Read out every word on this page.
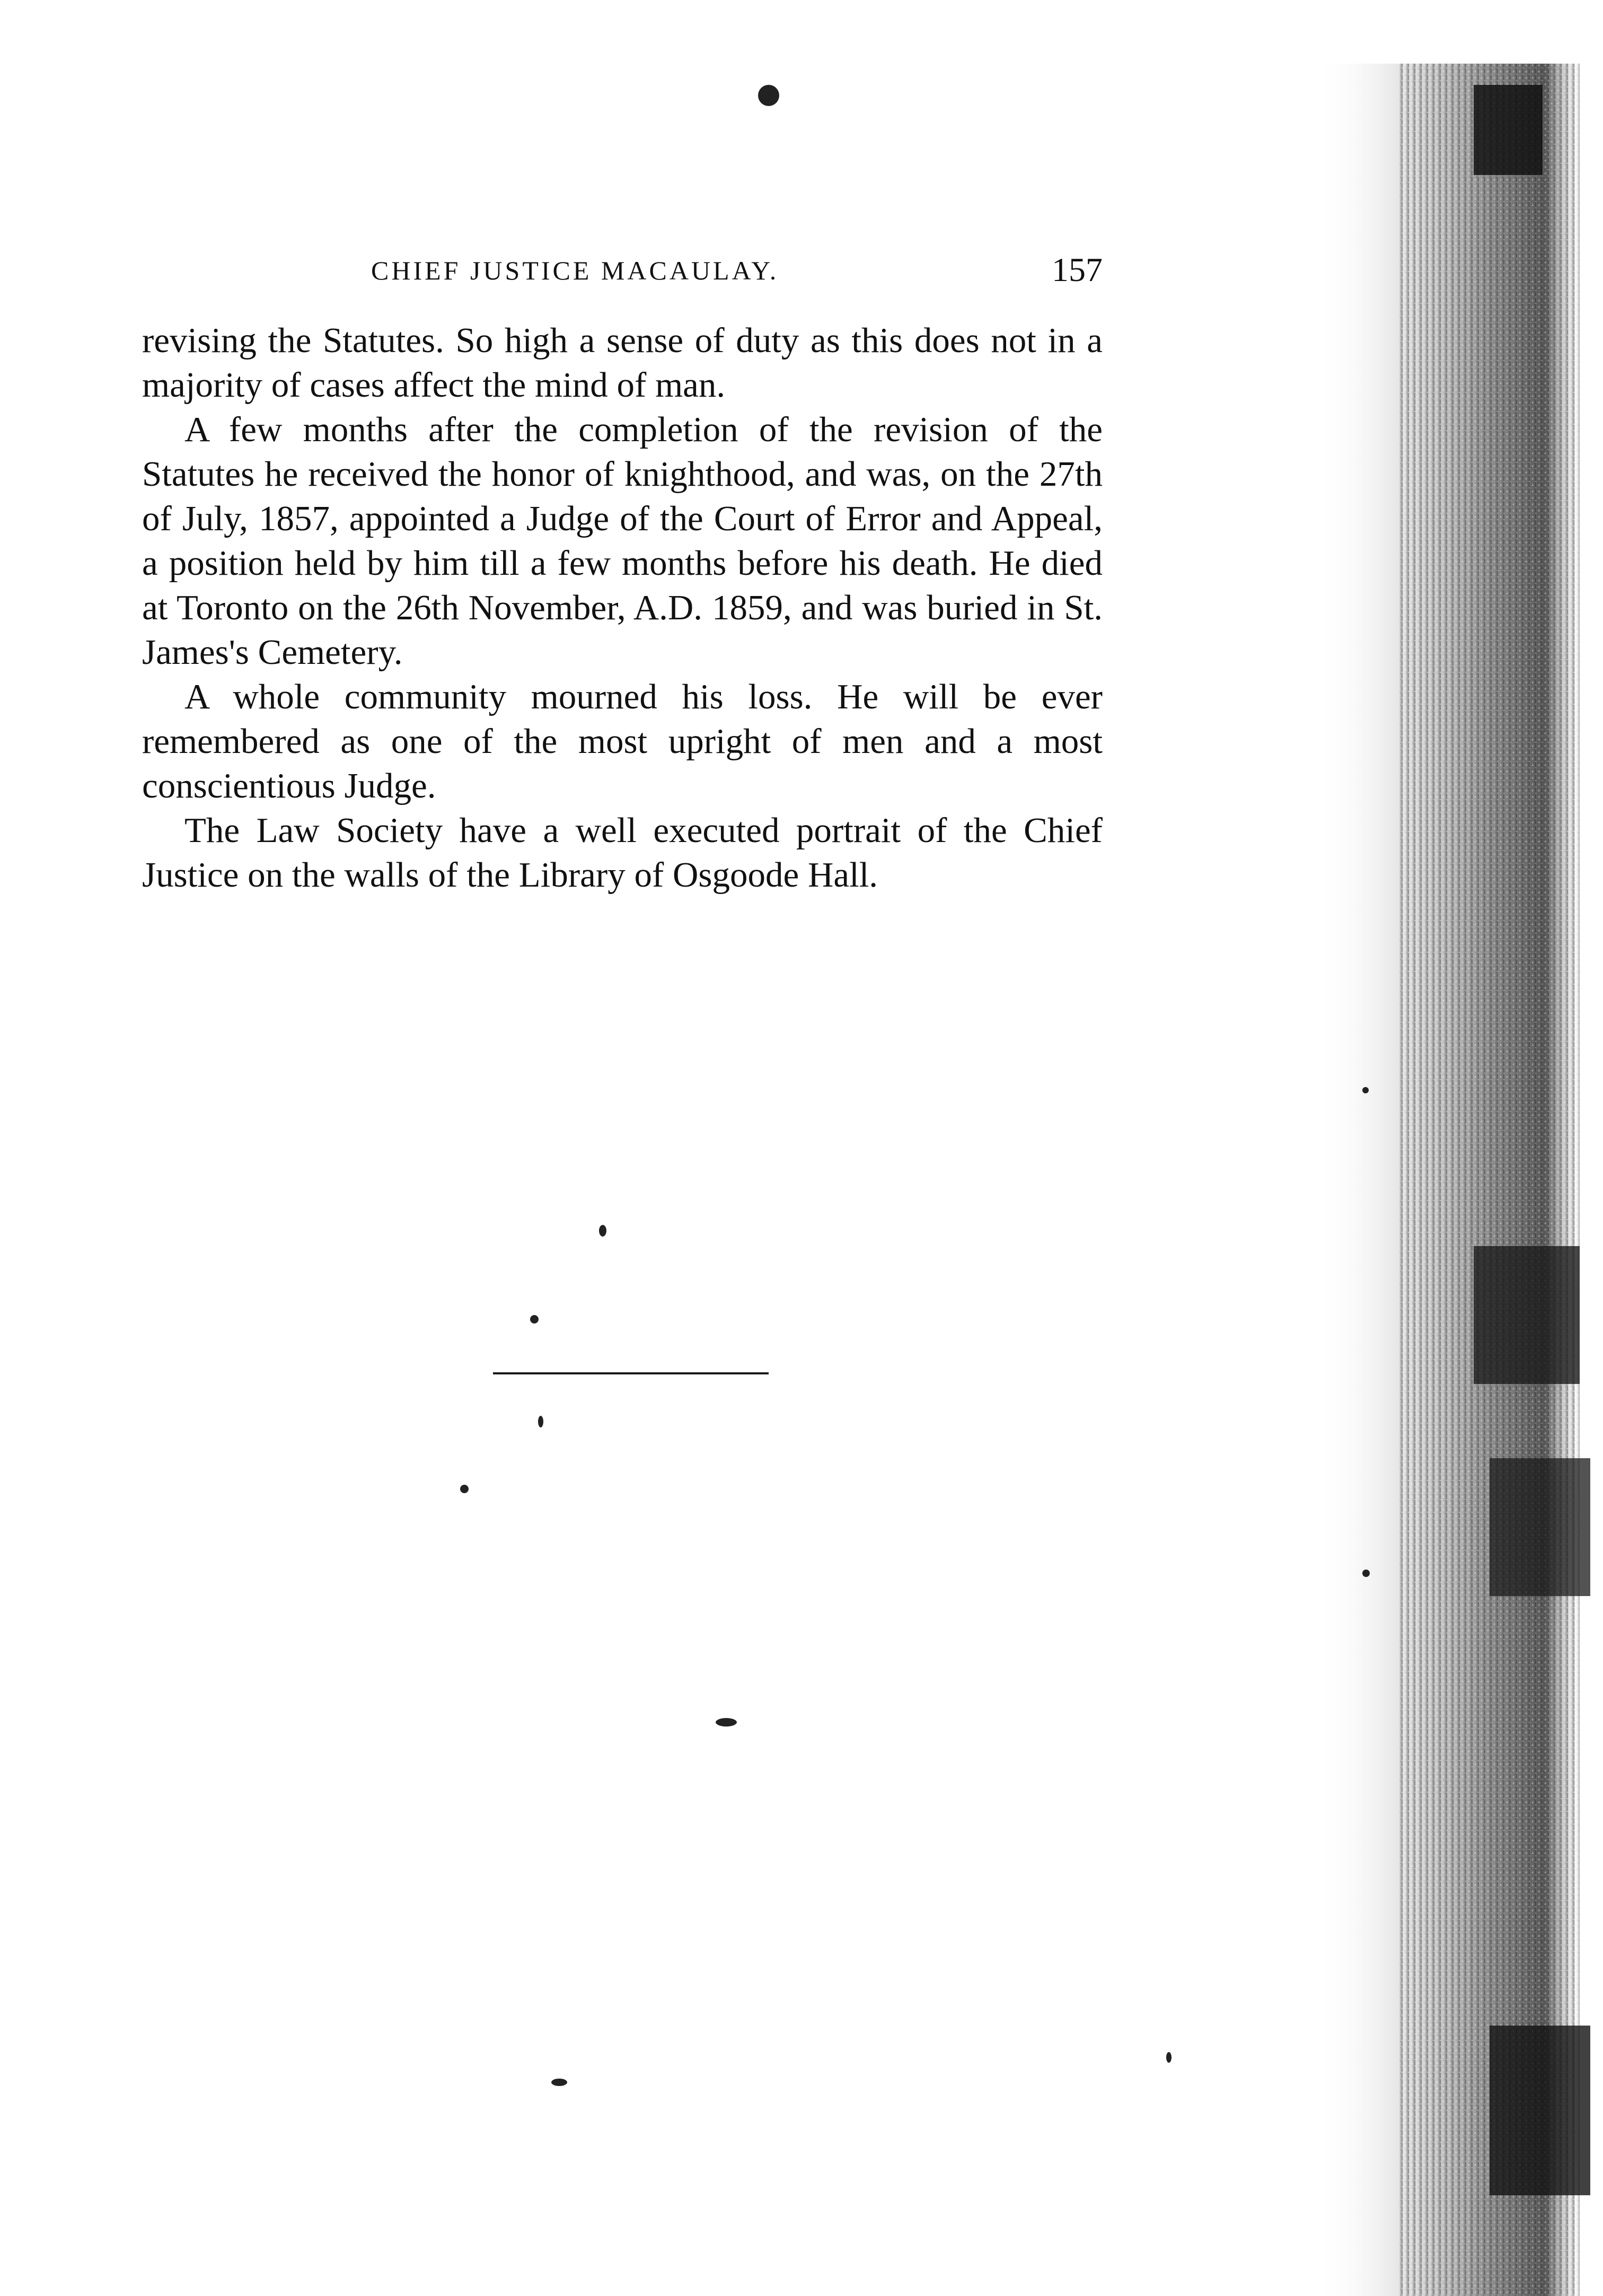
CHIEF JUSTICE MACAULAY.	157

revising the Statutes. So high a sense of duty as this does not in a majority of cases affect the mind of man.

A few months after the completion of the revision of the Statutes he received the honor of knighthood, and was, on the 27th of July, 1857, appointed a Judge of the Court of Error and Appeal, a position held by him till a few months before his death. He died at Toronto on the 26th November, A.D. 1859, and was buried in St. James's Cemetery.

A whole community mourned his loss. He will be ever remembered as one of the most upright of men and a most conscientious Judge.

The Law Society have a well executed portrait of the Chief Justice on the walls of the Library of Osgoode Hall.
